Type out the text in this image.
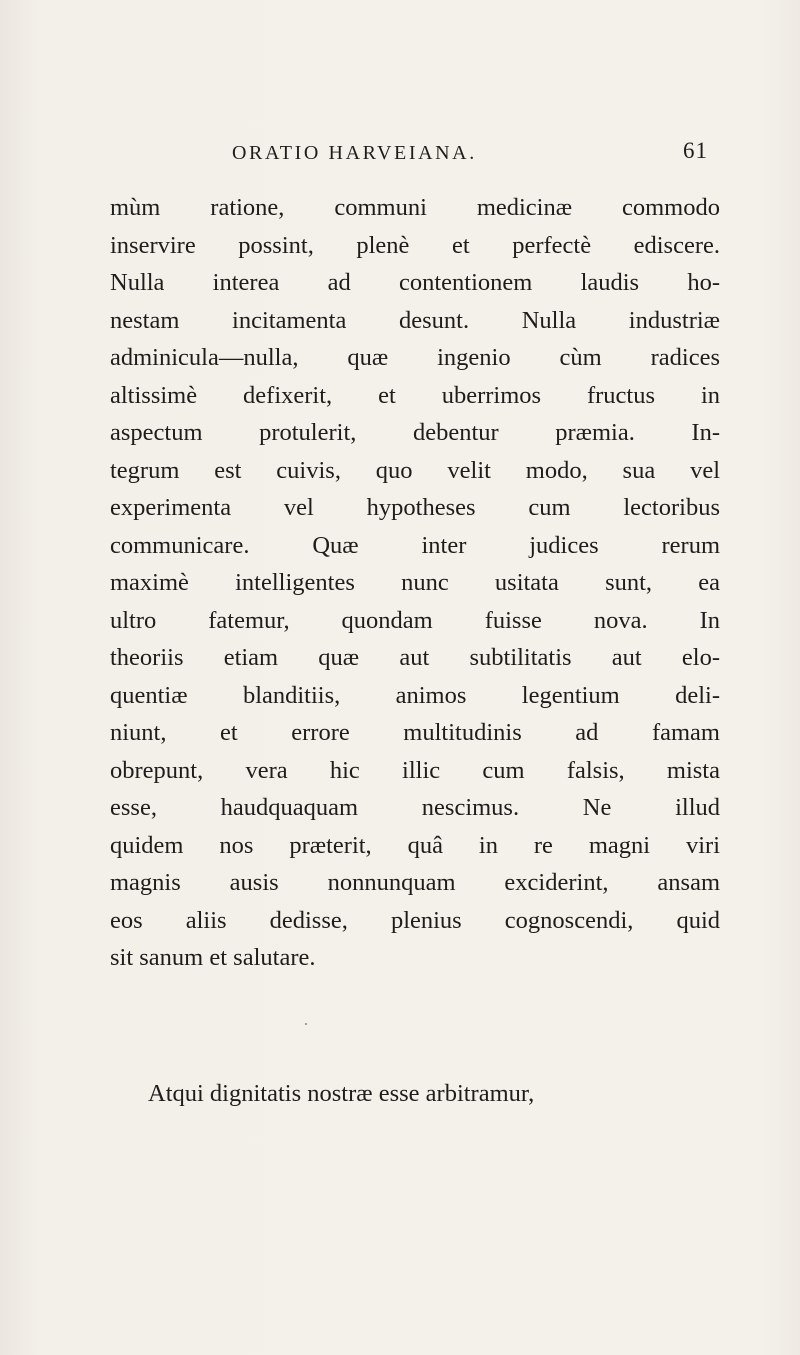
ORATIO HARVEIANA.	61
mùm ratione, communi medicinæ commodo
inservire possint, plenè et perfectè ediscere.
Nulla interea ad contentionem laudis ho-
nestam incitamenta desunt. Nulla industriæ
adminicula—nulla, quæ ingenio cùm radices
altissimè defixerit, et uberrimos fructus in
aspectum protulerit, debentur præmia. In-
tegrum est cuivis, quo velit modo, sua vel
experimenta vel hypotheses cum lectoribus
communicare. Quæ inter judices rerum
maximè intelligentes nunc usitata sunt, ea
ultro fatemur, quondam fuisse nova. In
theoriis etiam quæ aut subtilitatis aut elo-
quentiæ blanditiis, animos legentium deli-
niunt, et errore multitudinis ad famam
obrepunt, vera hic illic cum falsis, mista
esse, haudquaquam nescimus. Ne illud
quidem nos præterit, quâ in re magni viri
magnis ausis nonnunquam exciderint, ansam
eos aliis dedisse, plenius cognoscendi, quid
sit sanum et salutare.
Atqui dignitatis nostræ esse arbitramur,
